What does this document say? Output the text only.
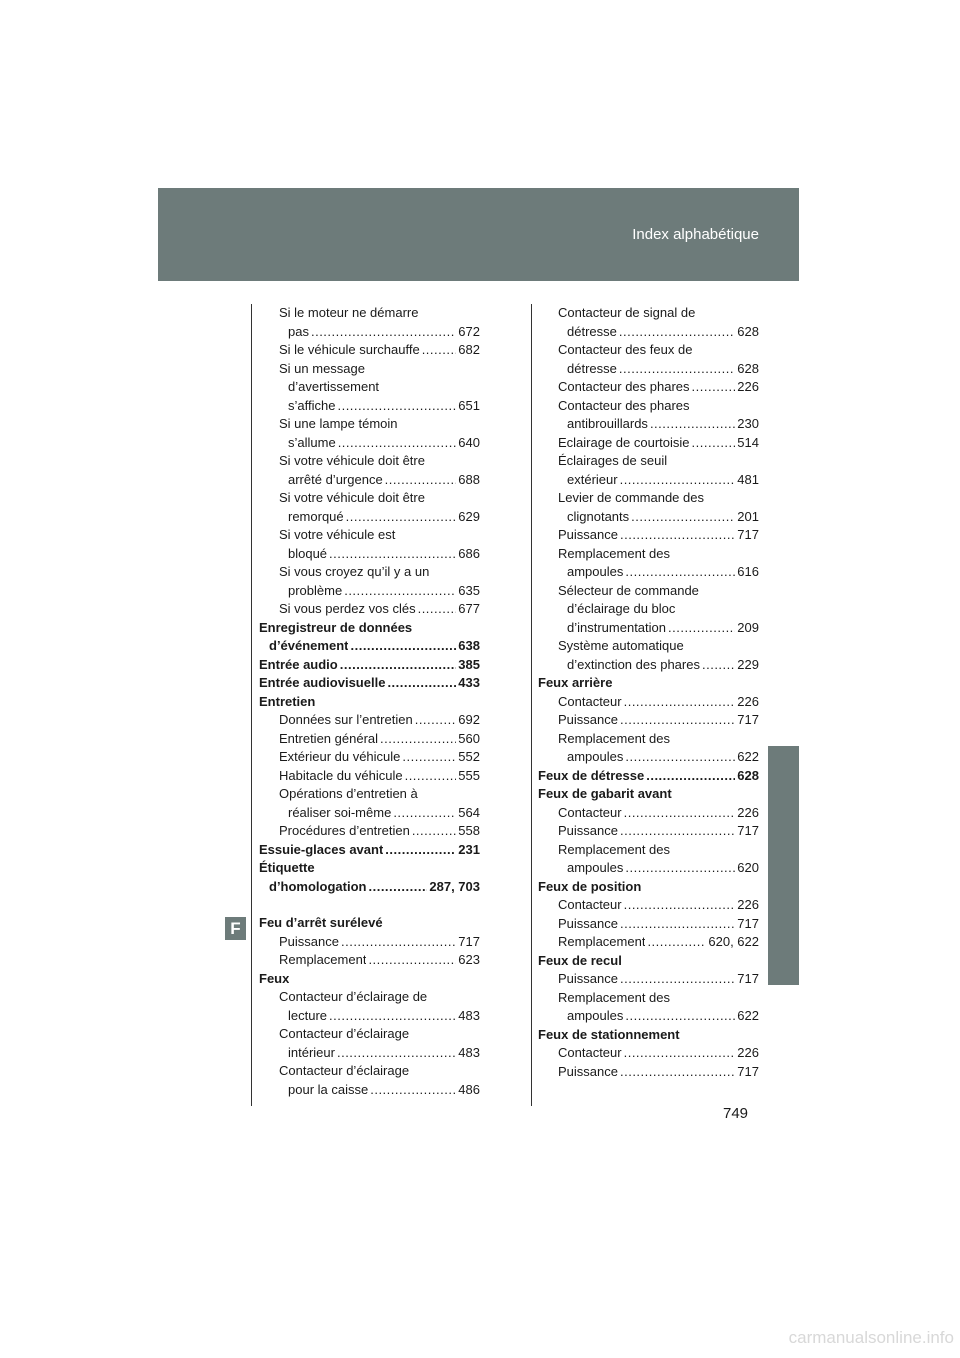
Index alphabétique
F
Si le moteur ne démarre
pas .....	672
Si le véhicule surchauffe .....	682
Si un message
d’avertissement
s’affiche .....	651
Si une lampe témoin
s’allume .....	640
Si votre véhicule doit être
arrêté d’urgence .....	688
Si votre véhicule doit être
remorqué .....	629
Si votre véhicule est
bloqué .....	686
Si vous croyez qu’il y a un
problème .....	635
Si vous perdez vos clés .....	677
Enregistreur de données
d’événement .....	638
Entrée audio .....	385
Entrée audiovisuelle .....	433
Entretien
Données sur l’entretien .....	692
Entretien général .....	560
Extérieur du véhicule .....	552
Habitacle du véhicule .....	555
Opérations d’entretien à
réaliser soi-même .....	564
Procédures d’entretien .....	558
Essuie-glaces avant .....	231
Étiquette
d’homologation .....	287, 703
Feu d’arrêt surélevé
Puissance .....	717
Remplacement .....	623
Feux
Contacteur d’éclairage de
lecture .....	483
Contacteur d’éclairage
intérieur .....	483
Contacteur d’éclairage
pour la caisse .....	486
Contacteur de signal de
détresse .....	628
Contacteur des feux de
détresse .....	628
Contacteur des phares .....	226
Contacteur des phares
antibrouillards .....	230
Eclairage de courtoisie .....	514
Éclairages de seuil
extérieur .....	481
Levier de commande des
clignotants .....	201
Puissance .....	717
Remplacement des
ampoules .....	616
Sélecteur de commande
d’éclairage du bloc
d’instrumentation .....	209
Système automatique
d’extinction des phares .....	229
Feux arrière
Contacteur .....	226
Puissance .....	717
Remplacement des
ampoules .....	622
Feux de détresse .....	628
Feux de gabarit avant
Contacteur .....	226
Puissance .....	717
Remplacement des
ampoules .....	620
Feux de position
Contacteur .....	226
Puissance .....	717
Remplacement .....	620, 622
Feux de recul
Puissance .....	717
Remplacement des
ampoules .....	622
Feux de stationnement
Contacteur .....	226
Puissance .....	717
749
carmanualsonline.info
